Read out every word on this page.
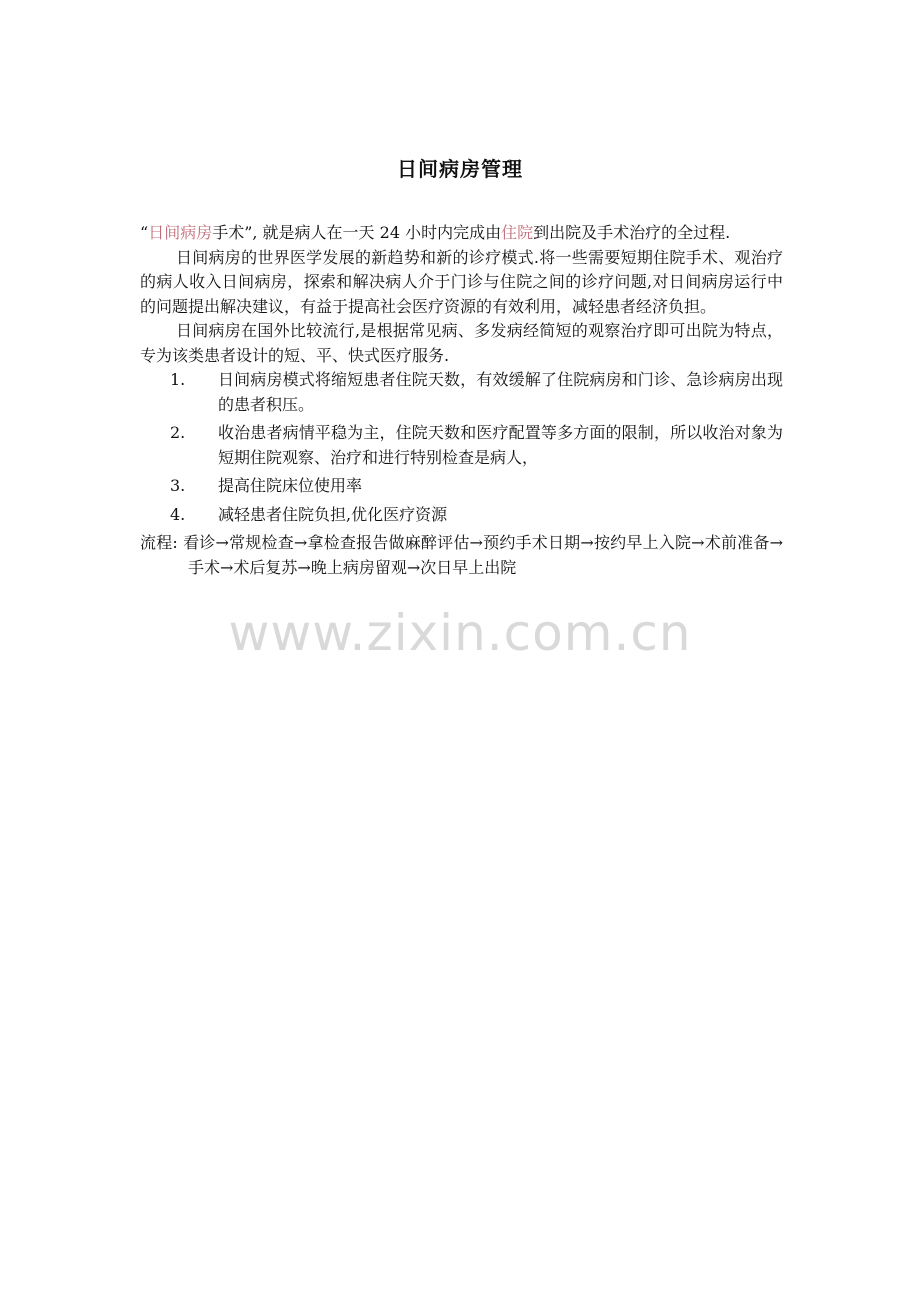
日间病房管理

“日间病房手术”, 就是病人在一天 24 小时内完成由住院到出院及手术治疗的全过程.

日间病房的世界医学发展的新趋势和新的诊疗模式.将一些需要短期住院手术、观治疗的病人收入日间病房，探索和解决病人介于门诊与住院之间的诊疗问题,对日间病房运行中的问题提出解决建议，有益于提高社会医疗资源的有效利用，减轻患者经济负担。

日间病房在国外比较流行,是根据常见病、多发病经简短的观察治疗即可出院为特点，专为该类患者设计的短、平、快式医疗服务.

1. 日间病房模式将缩短患者住院天数，有效缓解了住院病房和门诊、急诊病房出现的患者积压。
2. 收治患者病情平稳为主，住院天数和医疗配置等多方面的限制，所以收治对象为短期住院观察、治疗和进行特别检查是病人，
3. 提高住院床位使用率
4. 减轻患者住院负担,优化医疗资源

流程: 看诊→常规检查→拿检查报告做麻醉评估→预约手术日期→按约早上入院→术前准备→手术→术后复苏→晚上病房留观→次日早上出院

www.zixin.com.cn
